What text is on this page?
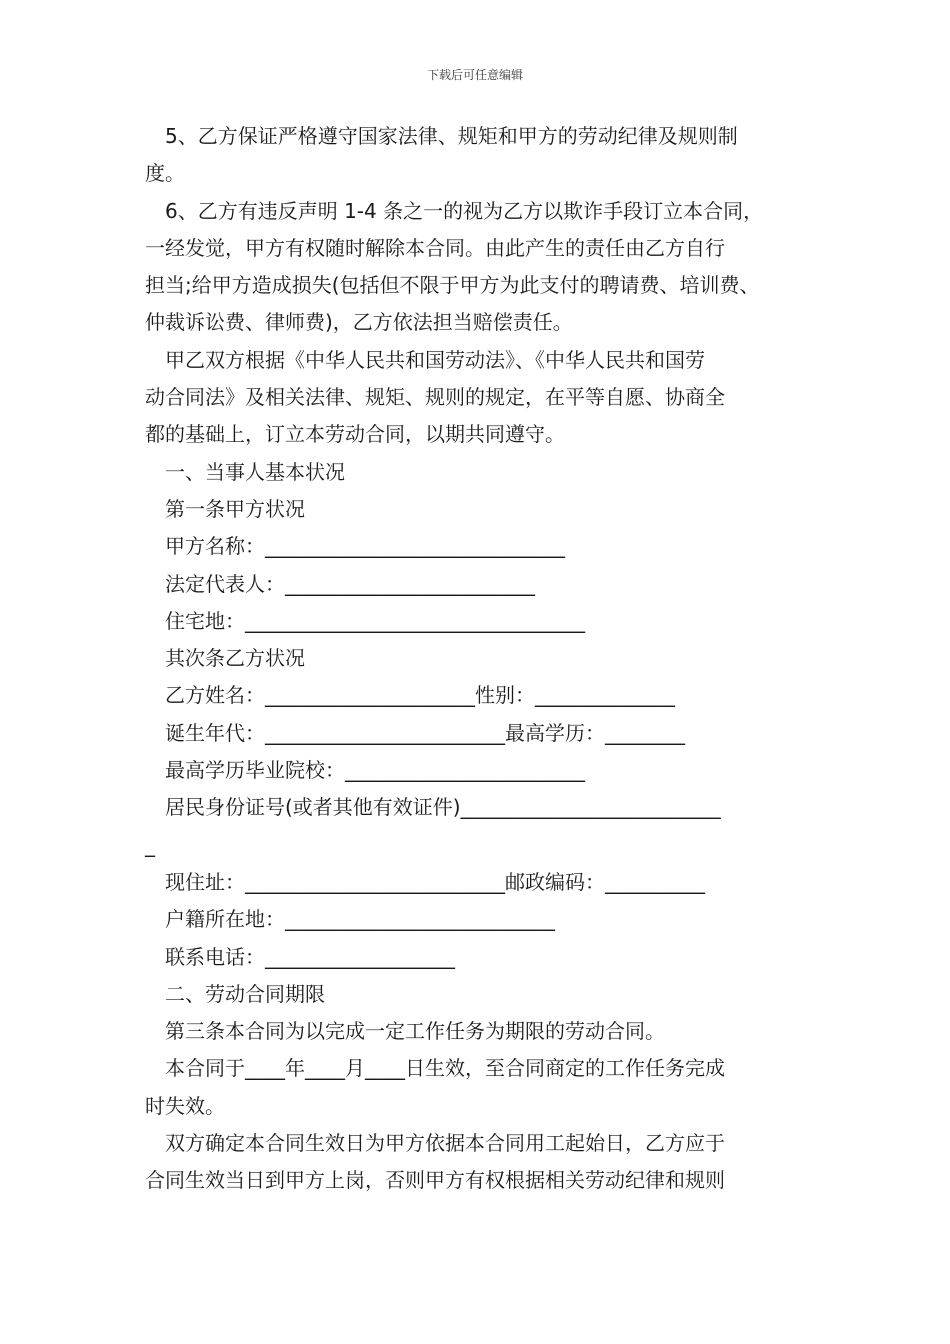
下载后可任意编辑
5、乙方保证严格遵守国家法律、规矩和甲方的劳动纪律及规则制
度。
6、乙方有违反声明 1-4 条之一的视为乙方以欺诈手段订立本合同，
一经发觉，甲方有权随时解除本合同。由此产生的责任由乙方自行
担当;给甲方造成损失(包括但不限于甲方为此支付的聘请费、培训费、
仲裁诉讼费、律师费)，乙方依法担当赔偿责任。
甲乙双方根据《中华人民共和国劳动法》、《中华人民共和国劳
动合同法》及相关法律、规矩、规则的规定，在平等自愿、协商全
都的基础上，订立本劳动合同，以期共同遵守。
一、当事人基本状况
第一条甲方状况
甲方名称：______________________________
法定代表人：_________________________
住宅地：__________________________________
其次条乙方状况
乙方姓名：_____________________性别：______________
诞生年代：________________________最高学历：________
最高学历毕业院校：________________________
居民身份证号(或者其他有效证件)__________________________
_
现住址：__________________________邮政编码：__________
户籍所在地：___________________________
联系电话：___________________
二、劳动合同期限
第三条本合同为以完成一定工作任务为期限的劳动合同。
本合同于____年____月____日生效，至合同商定的工作任务完成
时失效。
双方确定本合同生效日为甲方依据本合同用工起始日，乙方应于
合同生效当日到甲方上岗，否则甲方有权根据相关劳动纪律和规则
